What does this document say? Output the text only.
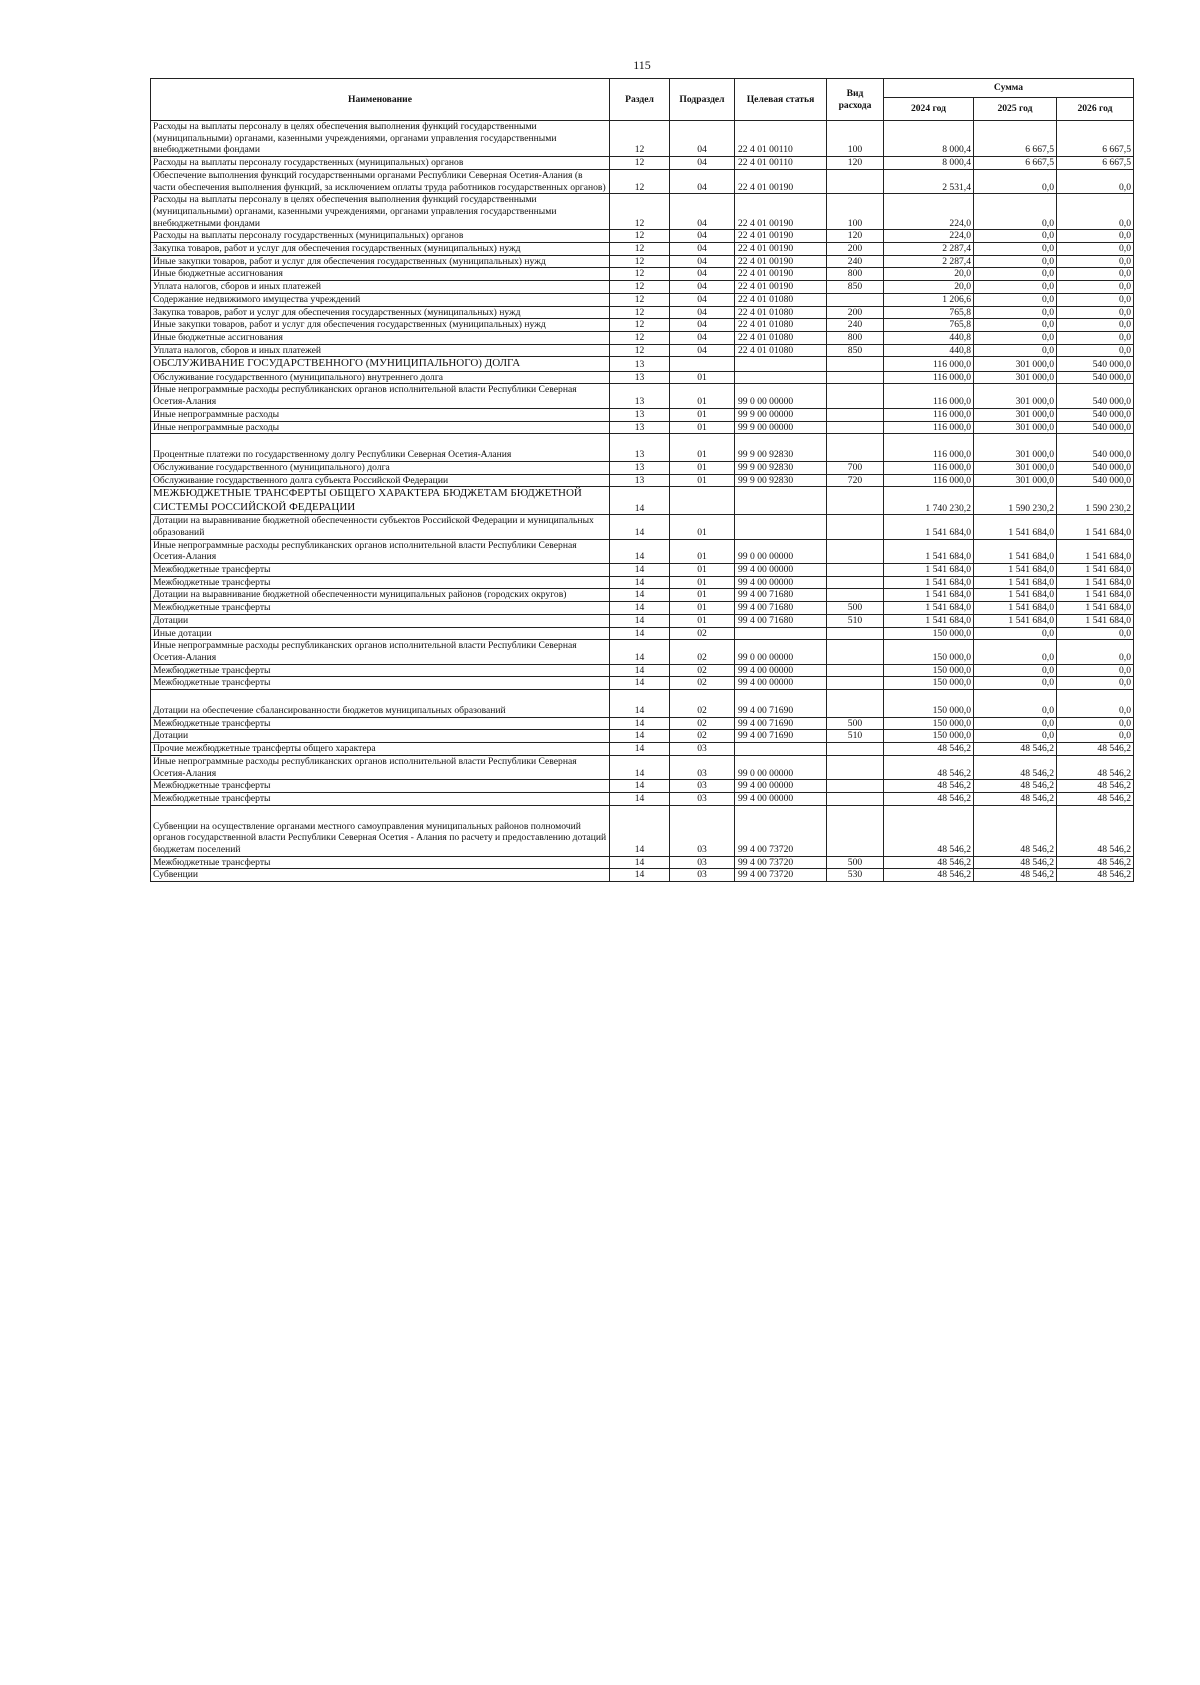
115
Наименование	Раздел	Подраздел	Целевая статья	Вид расхода	Сумма		
					2024 год	2025 год	2026 год
Расходы на выплаты персоналу в целях обеспечения выполнения функций государственными (муниципальными) органами, казенными учреждениями, органами управления государственными внебюджетными фондами	12	04	22 4 01 00110	100	8 000,4	6 667,5	6 667,5
Расходы на выплаты персоналу государственных (муниципальных) органов	12	04	22 4 01 00110	120	8 000,4	6 667,5	6 667,5
Обеспечение выполнения функций государственными органами Республики Северная Осетия-Алания (в части обеспечения выполнения функций, за исключением оплаты труда работников государственных органов)	12	04	22 4 01 00190		2 531,4	0,0	0,0
Расходы на выплаты персоналу в целях обеспечения выполнения функций государственными (муниципальными) органами, казенными учреждениями, органами управления государственными внебюджетными фондами	12	04	22 4 01 00190	100	224,0	0,0	0,0
Расходы на выплаты персоналу государственных (муниципальных) органов	12	04	22 4 01 00190	120	224,0	0,0	0,0
Закупка товаров, работ и услуг для обеспечения государственных (муниципальных) нужд	12	04	22 4 01 00190	200	2 287,4	0,0	0,0
Иные закупки товаров, работ и услуг для обеспечения государственных (муниципальных) нужд	12	04	22 4 01 00190	240	2 287,4	0,0	0,0
Иные бюджетные ассигнования	12	04	22 4 01 00190	800	20,0	0,0	0,0
Уплата налогов, сборов и иных платежей	12	04	22 4 01 00190	850	20,0	0,0	0,0
Содержание недвижимого имущества учреждений	12	04	22 4 01 01080		1 206,6	0,0	0,0
Закупка товаров, работ и услуг для обеспечения государственных (муниципальных) нужд	12	04	22 4 01 01080	200	765,8	0,0	0,0
Иные закупки товаров, работ и услуг для обеспечения государственных (муниципальных) нужд	12	04	22 4 01 01080	240	765,8	0,0	0,0
Иные бюджетные ассигнования	12	04	22 4 01 01080	800	440,8	0,0	0,0
Уплата налогов, сборов и иных платежей	12	04	22 4 01 01080	850	440,8	0,0	0,0
ОБСЛУЖИВАНИЕ ГОСУДАРСТВЕННОГО (МУНИЦИПАЛЬНОГО) ДОЛГА	13				116 000,0	301 000,0	540 000,0
Обслуживание государственного (муниципального) внутреннего долга	13	01			116 000,0	301 000,0	540 000,0
Иные непрограммные расходы республиканских органов исполнительной власти Республики Северная Осетия-Алания	13	01	99 0 00 00000		116 000,0	301 000,0	540 000,0
Иные непрограммные расходы	13	01	99 9 00 00000		116 000,0	301 000,0	540 000,0
Иные непрограммные расходы	13	01	99 9 00 00000		116 000,0	301 000,0	540 000,0
Процентные платежи по государственному долгу Республики Северная Осетия-Алания	13	01	99 9 00 92830		116 000,0	301 000,0	540 000,0
Обслуживание государственного (муниципального) долга	13	01	99 9 00 92830	700	116 000,0	301 000,0	540 000,0
Обслуживание государственного долга субъекта Российской Федерации	13	01	99 9 00 92830	720	116 000,0	301 000,0	540 000,0
МЕЖБЮДЖЕТНЫЕ ТРАНСФЕРТЫ ОБЩЕГО ХАРАКТЕРА БЮДЖЕТАМ БЮДЖЕТНОЙ СИСТЕМЫ РОССИЙСКОЙ ФЕДЕРАЦИИ	14				1 740 230,2	1 590 230,2	1 590 230,2
Дотации на выравнивание бюджетной обеспеченности субъектов Российской Федерации и муниципальных образований	14	01			1 541 684,0	1 541 684,0	1 541 684,0
Иные непрограммные расходы республиканских органов исполнительной власти Республики Северная Осетия-Алания	14	01	99 0 00 00000		1 541 684,0	1 541 684,0	1 541 684,0
Межбюджетные трансферты	14	01	99 4 00 00000		1 541 684,0	1 541 684,0	1 541 684,0
Межбюджетные трансферты	14	01	99 4 00 00000		1 541 684,0	1 541 684,0	1 541 684,0
Дотации на выравнивание бюджетной обеспеченности муниципальных районов (городских округов)	14	01	99 4 00 71680		1 541 684,0	1 541 684,0	1 541 684,0
Межбюджетные трансферты	14	01	99 4 00 71680	500	1 541 684,0	1 541 684,0	1 541 684,0
Дотации	14	01	99 4 00 71680	510	1 541 684,0	1 541 684,0	1 541 684,0
Иные дотации	14	02			150 000,0	0,0	0,0
Иные непрограммные расходы республиканских органов исполнительной власти Республики Северная Осетия-Алания	14	02	99 0 00 00000		150 000,0	0,0	0,0
Межбюджетные трансферты	14	02	99 4 00 00000		150 000,0	0,0	0,0
Межбюджетные трансферты	14	02	99 4 00 00000		150 000,0	0,0	0,0
Дотации на обеспечение сбалансированности бюджетов муниципальных образований	14	02	99 4 00 71690		150 000,0	0,0	0,0
Межбюджетные трансферты	14	02	99 4 00 71690	500	150 000,0	0,0	0,0
Дотации	14	02	99 4 00 71690	510	150 000,0	0,0	0,0
Прочие межбюджетные трансферты общего характера	14	03			48 546,2	48 546,2	48 546,2
Иные непрограммные расходы республиканских органов исполнительной власти Республики Северная Осетия-Алания	14	03	99 0 00 00000		48 546,2	48 546,2	48 546,2
Межбюджетные трансферты	14	03	99 4 00 00000		48 546,2	48 546,2	48 546,2
Межбюджетные трансферты	14	03	99 4 00 00000		48 546,2	48 546,2	48 546,2
Субвенции на осуществление органами местного самоуправления муниципальных районов полномочий органов государственной власти Республики Северная Осетия - Алания по расчету и предоставлению дотаций бюджетам поселений	14	03	99 4 00 73720		48 546,2	48 546,2	48 546,2
Межбюджетные трансферты	14	03	99 4 00 73720	500	48 546,2	48 546,2	48 546,2
Субвенции	14	03	99 4 00 73720	530	48 546,2	48 546,2	48 546,2
